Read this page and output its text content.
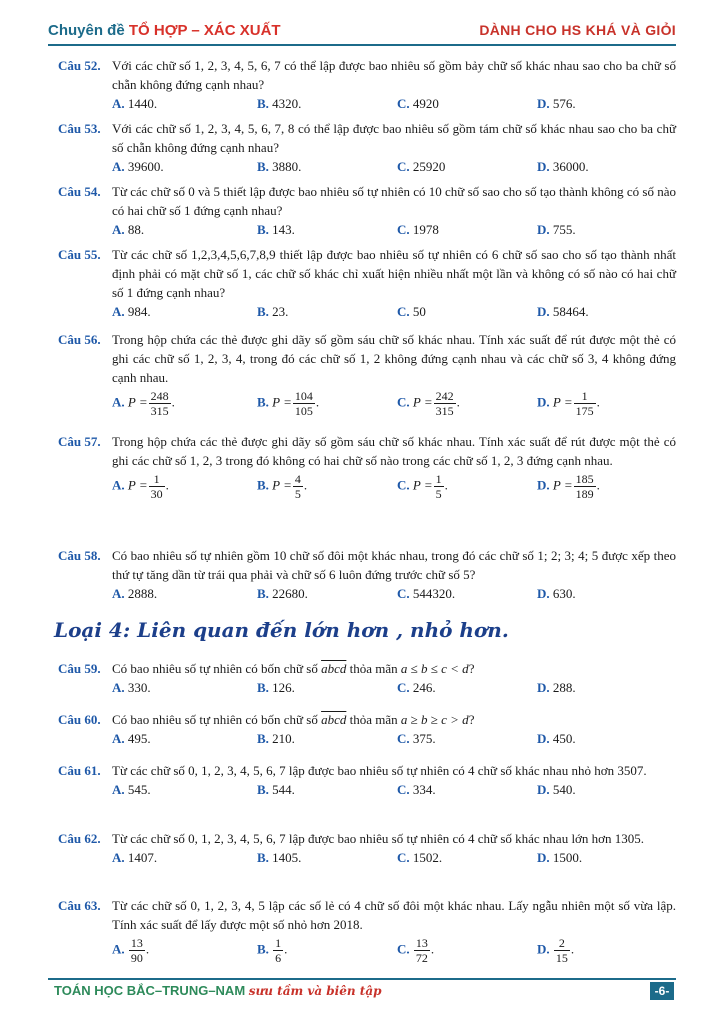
Chuyên đề TỔ HỢP – XÁC XUẤT	DÀNH CHO HS KHÁ VÀ GIỎI
Câu 52. Với các chữ số 1, 2, 3, 4, 5, 6, 7 có thể lập được bao nhiêu số gồm bảy chữ số khác nhau sao cho ba chữ số chẵn không đứng cạnh nhau?
A. 1440.	B. 4320.	C. 4920	D. 576.
Câu 53. Với các chữ số 1, 2, 3, 4, 5, 6, 7, 8 có thể lập được bao nhiêu số gồm tám chữ số khác nhau sao cho ba chữ số chẵn không đứng cạnh nhau?
A. 39600.	B. 3880.	C. 25920	D. 36000.
Câu 54. Từ các chữ số 0 và 5 thiết lập được bao nhiêu số tự nhiên có 10 chữ số sao cho số tạo thành không có số nào có hai chữ số 1 đứng cạnh nhau?
A. 88.	B. 143.	C. 1978	D. 755.
Câu 55. Từ các chữ số 1,2,3,4,5,6,7,8,9 thiết lập được bao nhiêu số tự nhiên có 6 chữ số sao cho số tạo thành nhất định phải có mặt chữ số 1, các chữ số khác chỉ xuất hiện nhiều nhất một lần và không có số nào có hai chữ số 1 đứng cạnh nhau?
A. 984.	B. 23.	C. 50	D. 58464.
Câu 56. Trong hộp chứa các thẻ được ghi dãy số gồm sáu chữ số khác nhau. Tính xác suất để rút được một thẻ có ghi các chữ số 1, 2, 3, 4, trong đó các chữ số 1, 2 không đứng cạnh nhau và các chữ số 3, 4 không đứng cạnh nhau.
A. $P = \frac{248}{315}$ .	B. $P = \frac{104}{105}$ .	C. $P = \frac{242}{315}$ .	D. $P = \frac{1}{175}$ .
Câu 57. Trong hộp chứa các thẻ được ghi dãy số gồm sáu chữ số khác nhau. Tính xác suất để rút được một thẻ có ghi các chữ số 1, 2, 3 trong đó không có hai chữ số nào trong các chữ số 1, 2, 3 đứng cạnh nhau.
A. $P = \frac{1}{30}$ .	B. $P = \frac{4}{5}$ .	C. $P = \frac{1}{5}$ .	D. $P = \frac{185}{189}$ .
Câu 58. Có bao nhiêu số tự nhiên gồm 10 chữ số đôi một khác nhau, trong đó các chữ số 1; 2; 3; 4; 5 được xếp theo thứ tự tăng dần từ trái qua phải và chữ số 6 luôn đứng trước chữ số 5?
A. 2888.	B. 22680.	C. 544320.	D. 630.
Câu 59. Có bao nhiêu số tự nhiên có bốn chữ số abcd thỏa mãn a ≤ b ≤ c < d?
A. 330.	B. 126.	C. 246.	D. 288.
Câu 60. Có bao nhiêu số tự nhiên có bốn chữ số abcd thỏa mãn a ≥ b ≥ c > d?
A. 495.	B. 210.	C. 375.	D. 450.
Câu 61. Từ các chữ số 0, 1, 2, 3, 4, 5, 6, 7 lập được bao nhiêu số tự nhiên có 4 chữ số khác nhau nhỏ hơn 3507.
A. 545.	B. 544.	C. 334.	D. 540.
Câu 62. Từ các chữ số 0, 1, 2, 3, 4, 5, 6, 7 lập được bao nhiêu số tự nhiên có 4 chữ số khác nhau lớn hơn 1305.
A. 1407.	B. 1405.	C. 1502.	D. 1500.
Câu 63. Từ các chữ số 0, 1, 2, 3, 4, 5 lập các số lẻ có 4 chữ số đôi một khác nhau. Lấy ngẫu nhiên một số vừa lập. Tính xác suất để lấy được một số nhỏ hơn 2018.
A. $\frac{13}{90}$ .	B. $\frac{1}{6}$ .	C. $\frac{13}{72}$ .	D. $\frac{2}{15}$ .
Loại 4: Liên quan đến lớn hơn , nhỏ hơn.
TOÁN HỌC BẮC–TRUNG–NAM sưu tầm và biên tập	-6-
